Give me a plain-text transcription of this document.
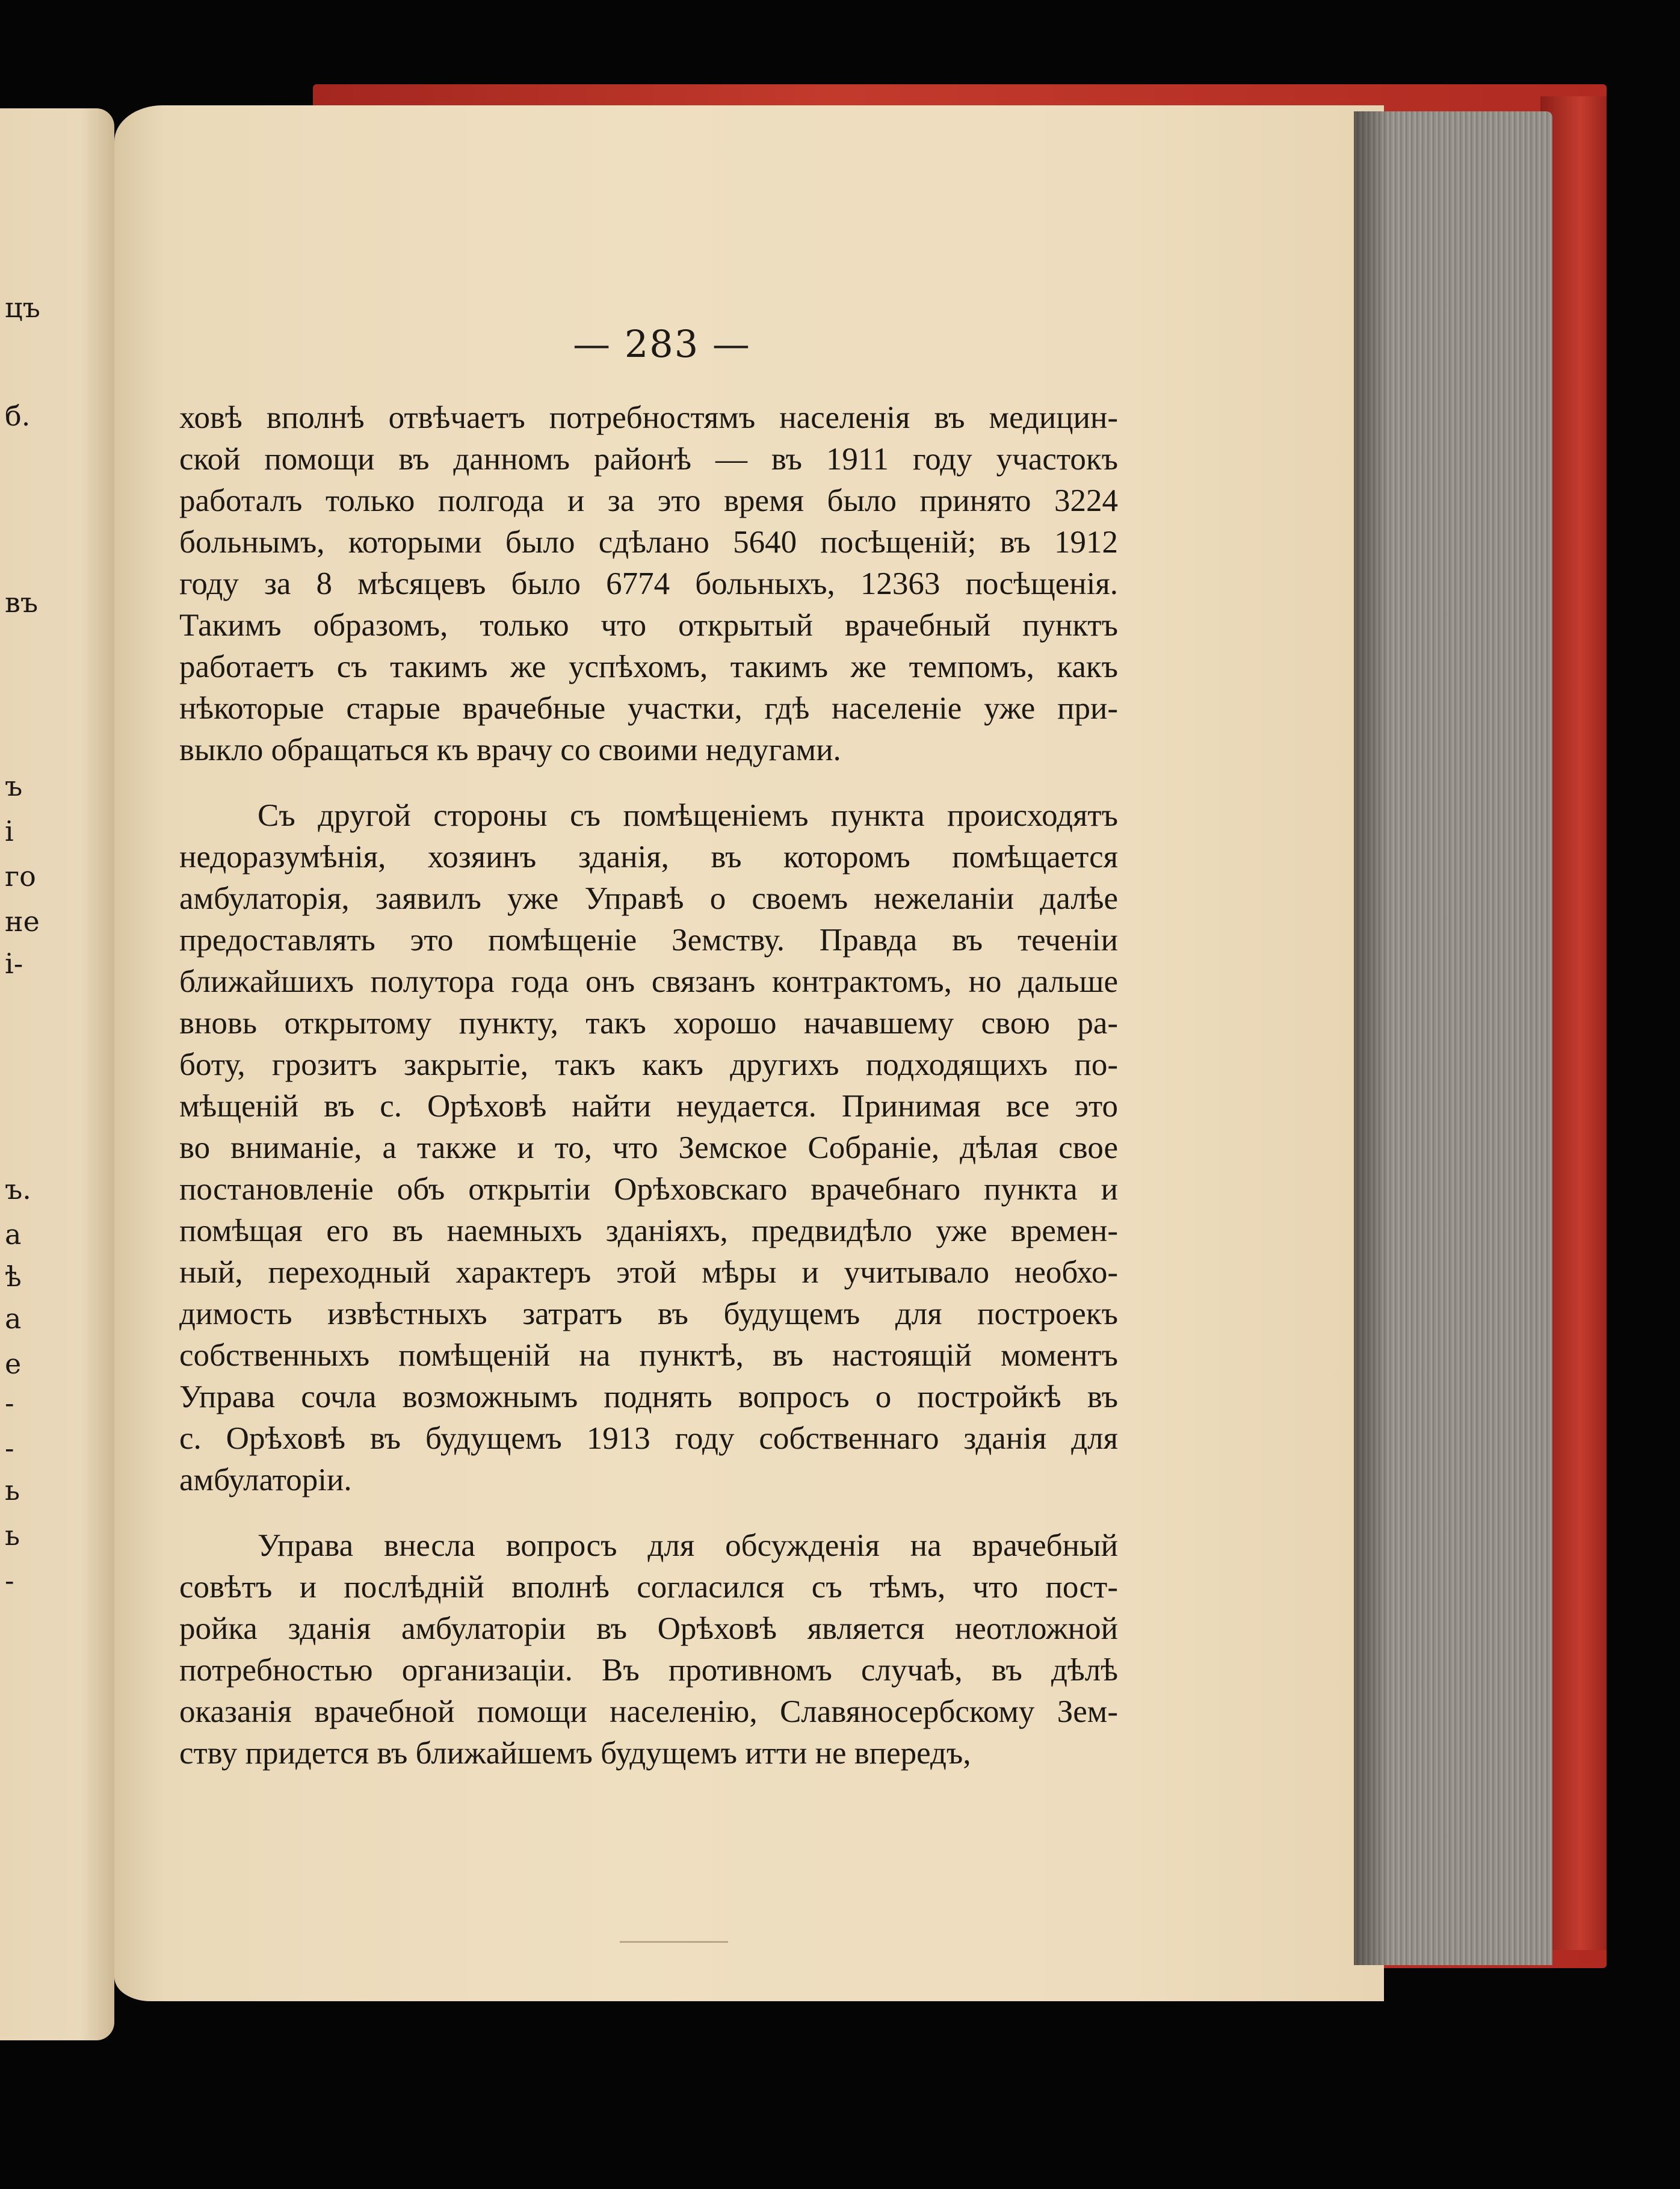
цъ
б.
въ
ъ
і
го
не
і-
ъ.
а
ѣ
а
е
-
-
ь
ь
-
— 283 —
ховѣ вполнѣ отвѣчаетъ потребностямъ населенія въ медицин-
ской помощи въ данномъ районѣ — въ 1911 году участокъ
работалъ только полгода и за это время было принято 3224
больнымъ, которыми было сдѣлано 5640 посѣщеній; въ 1912
году за 8 мѣсяцевъ было 6774 больныхъ, 12363 посѣщенія.
Такимъ образомъ, только что открытый врачебный пунктъ
работаетъ съ такимъ же успѣхомъ, такимъ же темпомъ, какъ
нѣкоторые старые врачебные участки, гдѣ населеніе уже при-
выкло обращаться къ врачу со своими недугами.
Съ другой стороны съ помѣщеніемъ пункта происходятъ
недоразумѣнія, хозяинъ зданія, въ которомъ помѣщается
амбулаторія, заявилъ уже Управѣ о своемъ нежеланіи далѣе
предоставлять это помѣщеніе Земству. Правда въ теченіи
ближайшихъ полутора года онъ связанъ контрактомъ, но дальше
вновь открытому пункту, такъ хорошо начавшему свою ра-
боту, грозитъ закрытіе, такъ какъ другихъ подходящихъ по-
мѣщеній въ с. Орѣховѣ найти неудается. Принимая все это
во вниманіе, а также и то, что Земское Собраніе, дѣлая свое
постановленіе объ открытіи Орѣховскаго врачебнаго пункта и
помѣщая его въ наемныхъ зданіяхъ, предвидѣло уже времен-
ный, переходный характеръ этой мѣры и учитывало необхо-
димость извѣстныхъ затратъ въ будущемъ для построекъ
собственныхъ помѣщеній на пунктѣ, въ настоящій моментъ
Управа сочла возможнымъ поднять вопросъ о постройкѣ въ
с. Орѣховѣ въ будущемъ 1913 году собственнаго зданія для
амбулаторіи.
Управа внесла вопросъ для обсужденія на врачебный
совѣтъ и послѣдній вполнѣ согласился съ тѣмъ, что пост-
ройка зданія амбулаторіи въ Орѣховѣ является неотложной
потребностью организаціи. Въ противномъ случаѣ, въ дѣлѣ
оказанія врачебной помощи населенію, Славяносербскому Зем-
ству придется въ ближайшемъ будущемъ итти не впередъ,
